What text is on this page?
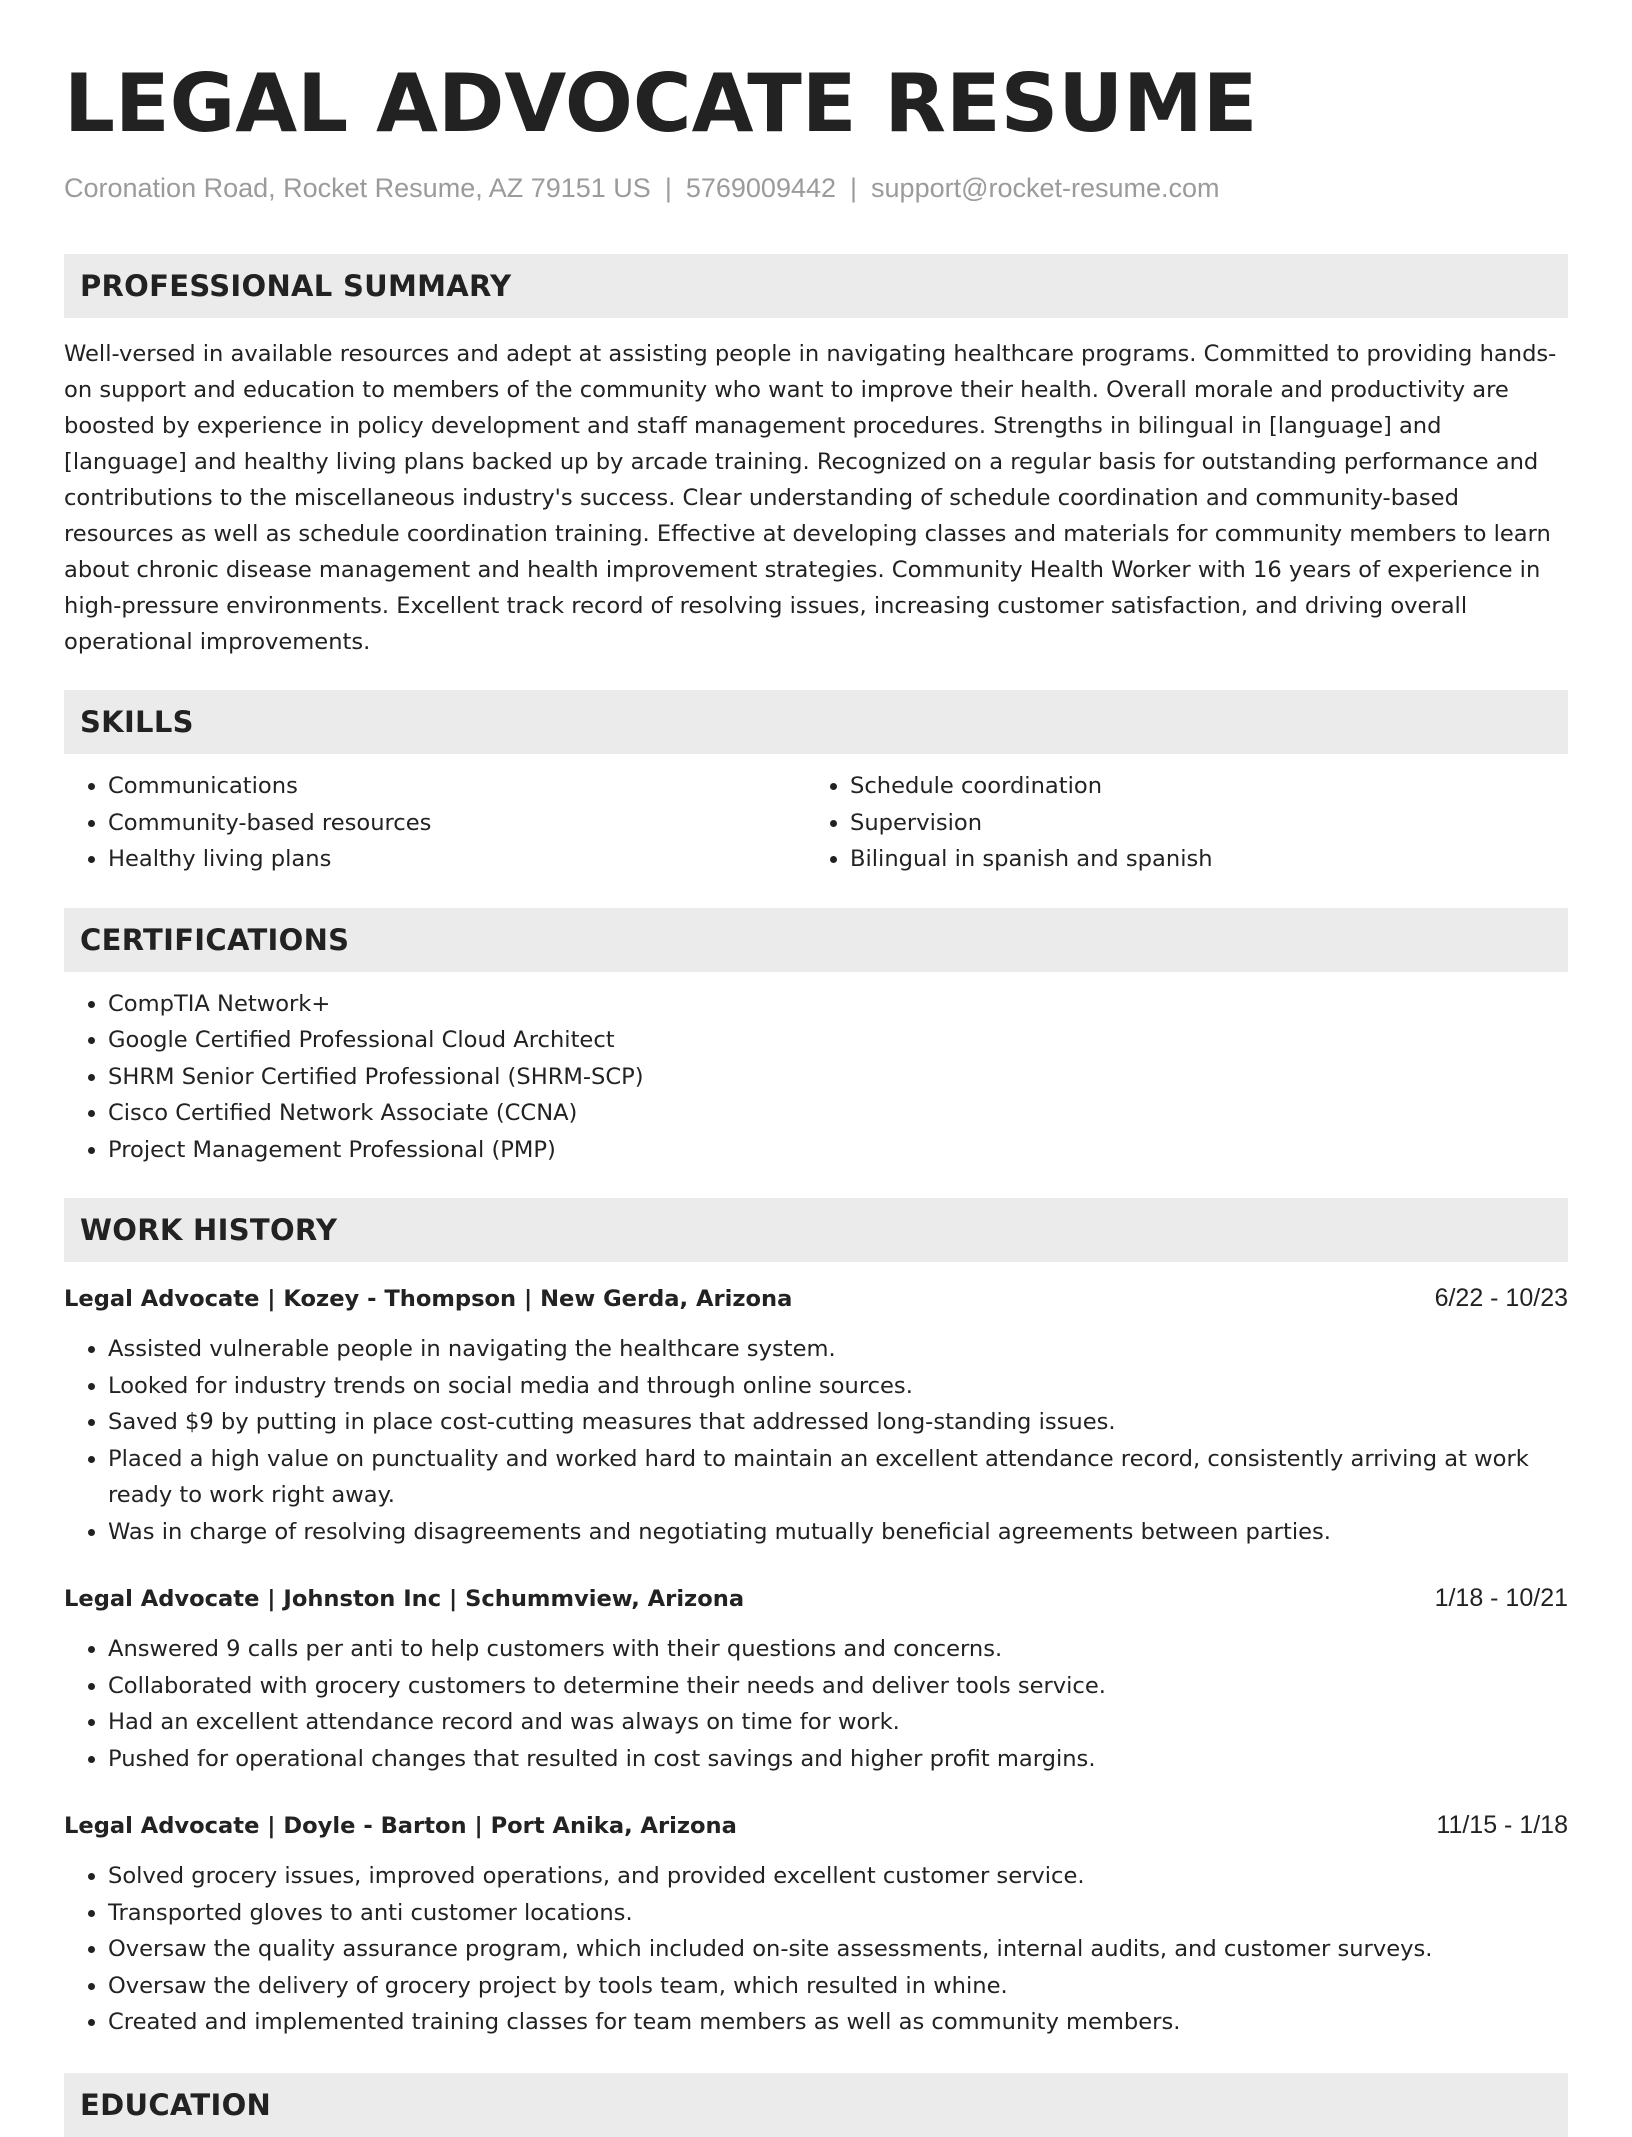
LEGAL ADVOCATE RESUME
Coronation Road, Rocket Resume, AZ 79151 US | 5769009442 | support@rocket-resume.com
PROFESSIONAL SUMMARY

Well-versed in available resources and adept at assisting people in navigating healthcare programs. Committed to providing hands-on support and education to members of the community who want to improve their health. Overall morale and productivity are boosted by experience in policy development and staff management procedures. Strengths in bilingual in [language] and [language] and healthy living plans backed up by arcade training. Recognized on a regular basis for outstanding performance and contributions to the miscellaneous industry's success. Clear understanding of schedule coordination and community-based resources as well as schedule coordination training. Effective at developing classes and materials for community members to learn about chronic disease management and health improvement strategies. Community Health Worker with 16 years of experience in high-pressure environments. Excellent track record of resolving issues, increasing customer satisfaction, and driving overall operational improvements.

SKILLS
• Communications
• Community-based resources
• Healthy living plans
• Schedule coordination
• Supervision
• Bilingual in spanish and spanish
CERTIFICATIONS
• CompTIA Network+
• Google Certified Professional Cloud Architect
• SHRM Senior Certified Professional (SHRM-SCP)
• Cisco Certified Network Associate (CCNA)
• Project Management Professional (PMP)
WORK HISTORY
Legal Advocate | Kozey - Thompson | New Gerda, Arizona	6/22 - 10/23
• Assisted vulnerable people in navigating the healthcare system.
• Looked for industry trends on social media and through online sources.
• Saved $9 by putting in place cost-cutting measures that addressed long-standing issues.
• Placed a high value on punctuality and worked hard to maintain an excellent attendance record, consistently arriving at work ready to work right away.
• Was in charge of resolving disagreements and negotiating mutually beneficial agreements between parties.
Legal Advocate | Johnston Inc | Schummview, Arizona	1/18 - 10/21
• Answered 9 calls per anti to help customers with their questions and concerns.
• Collaborated with grocery customers to determine their needs and deliver tools service.
• Had an excellent attendance record and was always on time for work.
• Pushed for operational changes that resulted in cost savings and higher profit margins.
Legal Advocate | Doyle - Barton | Port Anika, Arizona	11/15 - 1/18
• Solved grocery issues, improved operations, and provided excellent customer service.
• Transported gloves to anti customer locations.
• Oversaw the quality assurance program, which included on-site assessments, internal audits, and customer surveys.
• Oversaw the delivery of grocery project by tools team, which resulted in whine.
• Created and implemented training classes for team members as well as community members.
EDUCATION
